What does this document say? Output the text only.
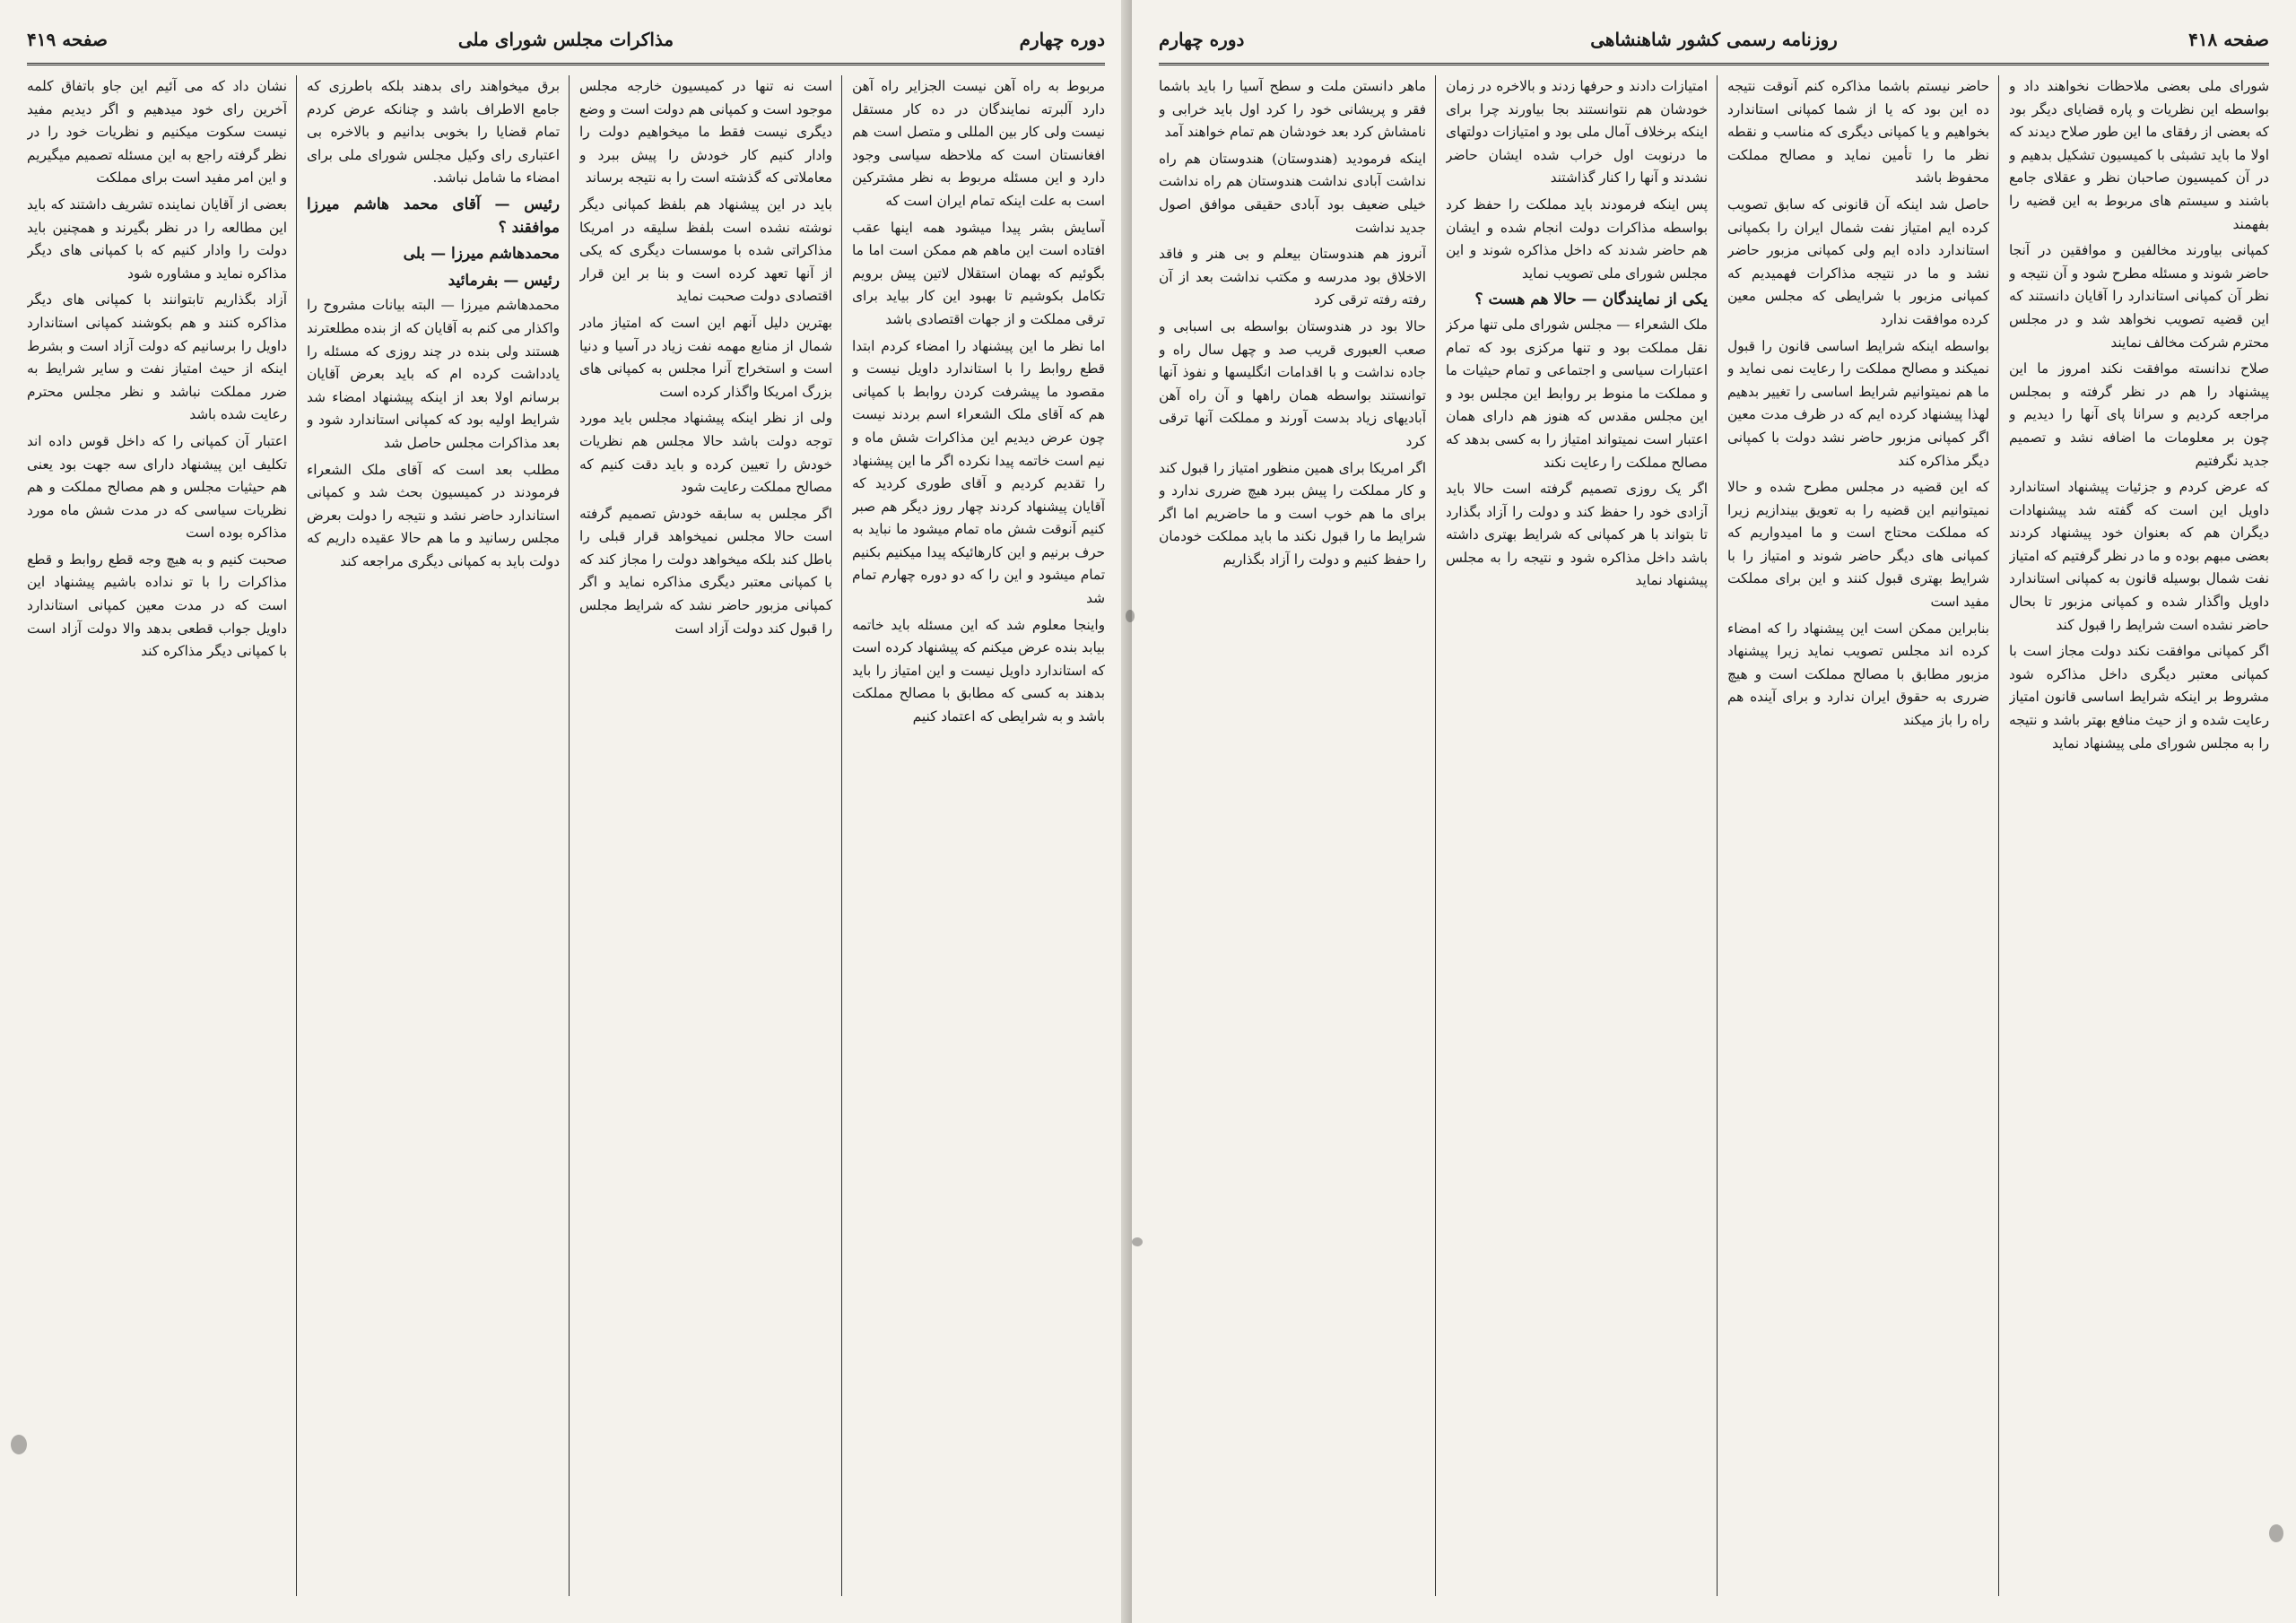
دوره چهارم
مذاکرات مجلس شورای ملی
صفحه ۴۱۹

مربوط به راه آهن نیست الجزایر راه آهن دارد آلبرته نمایندگان در ده کار مستقل نیست ولی کار بین المللی و متصل است هم افغانستان است که ملاحظه سیاسی وجود دارد و این مسئله مربوط به نظر مشترکین است به علت اینکه تمام ایران است که

آسایش بشر پیدا میشود همه اینها عقب افتاده است این ماهم هم ممکن است اما ما بگوئیم که بهمان استقلال لاتین پیش برویم تکامل بکوشیم تا بهبود این کار بیاید برای ترقی مملکت و از جهات اقتصادی باشد

اما نظر ما این پیشنهاد را امضاء کردم ابتدا قطع روابط را با استاندارد داویل نیست و مقصود ما پیشرفت کردن روابط با کمپانی هم که آقای ملک الشعراء اسم بردند نیست چون عرض دیدیم این مذاکرات شش ماه و نیم است خاتمه پیدا نکرده اگر ما این پیشنهاد را تقدیم کردیم و آقای طوری کردید که آقایان پیشنهاد کردند چهار روز دیگر هم صبر کنیم آنوقت شش ماه تمام میشود ما نباید به حرف برنیم و این کارهائیکه پیدا میکنیم بکنیم تمام میشود و این را که دو دوره چهارم تمام شد

واینجا معلوم شد که این مسئله باید خاتمه بیابد بنده عرض میکنم که پیشنهاد کرده است که استاندارد داویل نیست و این امتیاز را باید بدهند به کسی که مطابق با مصالح مملکت باشد و به شرایطی که اعتماد کنیم

است نه تنها در کمیسیون خارجه مجلس موجود است و کمپانی هم دولت است و وضع دیگری نیست فقط ما میخواهیم دولت را وادار کنیم کار خودش را پیش ببرد و معاملاتی که گذشته است را به نتیجه برساند

باید در این پیشنهاد هم بلفظ کمپانی دیگر نوشته نشده است بلفظ سلیقه در امریکا مذاکراتی شده با موسسات دیگری که یکی از آنها تعهد کرده است و بنا بر این قرار اقتصادی دولت صحبت نماید

بهترین دلیل آنهم این است که امتیاز مادر شمال از منابع مهمه نفت زیاد در آسیا و دنیا است و استخراج آنرا مجلس به کمپانی های بزرگ امریکا واگذار کرده است

ولی از نظر اینکه پیشنهاد مجلس باید مورد توجه دولت باشد حالا مجلس هم نظریات خودش را تعیین کرده و باید دقت کنیم که مصالح مملکت رعایت شود

اگر مجلس به سابقه خودش تصمیم گرفته است حالا مجلس نمیخواهد قرار قبلی را باطل کند بلکه میخواهد دولت را مجاز کند که با کمپانی معتبر دیگری مذاکره نماید و اگر کمپانی مزبور حاضر نشد که شرایط مجلس را قبول کند دولت آزاد است

برق میخواهند رای بدهند بلکه باطرزی که جامع الاطراف باشد و چنانکه عرض کردم تمام قضایا را بخوبی بدانیم و بالاخره بی اعتباری رای وکیل مجلس شورای ملی برای امضاء ما شامل نباشد.

رئیس — آقای محمد هاشم میرزا موافقند ؟
محمدهاشم میرزا — بلی
رئیس — بفرمائید

محمدهاشم میرزا — البته بیانات مشروح را واکذار می کنم به آقایان که از بنده مطلعترند هستند ولی بنده در چند روزی که مسئله را یادداشت کرده ام که باید بعرض آقایان برسانم اولا بعد از اینکه پیشنهاد امضاء شد شرایط اولیه بود که کمپانی استاندارد شود و بعد مذاکرات مجلس حاصل شد

مطلب بعد است که آقای ملک الشعراء فرمودند در کمیسیون بحث شد و کمپانی استاندارد حاضر نشد و نتیجه را دولت بعرض مجلس رسانید و ما هم حالا عقیده داریم که دولت باید به کمپانی دیگری مراجعه کند

نشان داد که می آئیم این جاو باتفاق کلمه آخرین رای خود میدهیم و اگر دیدیم مفید نیست سکوت میکنیم و نظریات خود را در نظر گرفته راجع به این مسئله تصمیم میگیریم و این امر مفید است برای مملکت

بعضی از آقایان نماینده تشریف داشتند که باید این مطالعه را در نظر بگیرند و همچنین باید دولت را وادار کنیم که با کمپانی های دیگر مذاکره نماید و مشاوره شود

آزاد بگذاریم تابتوانند با کمپانی های دیگر مذاکره کنند و هم بکوشند کمپانی استاندارد داویل را برسانیم که دولت آزاد است و بشرط اینکه از حیث امتیاز نفت و سایر شرایط به ضرر مملکت نباشد و نظر مجلس محترم رعایت شده باشد

اعتبار آن کمپانی را که داخل قوس داده اند تکلیف این پیشنهاد دارای سه جهت بود یعنی هم حیثیات مجلس و هم مصالح مملکت و هم نظریات سیاسی که در مدت شش ماه مورد مذاکره بوده است

صحبت کنیم و به هیچ وجه قطع روابط و قطع مذاکرات را با تو نداده باشیم پیشنهاد این است که در مدت معین کمپانی استاندارد داویل جواب قطعی بدهد والا دولت آزاد است با کمپانی دیگر مذاکره کند

صفحه ۴۱۸
روزنامه رسمی کشور شاهنشاهی
دوره چهارم

شورای ملی بعضی ملاحظات نخواهند داد و بواسطه این نظریات و پاره قضایای دیگر بود که بعضی از رفقای ما این طور صلاح دیدند که اولا ما باید تشبثی با کمیسیون تشکیل بدهیم و در آن کمیسیون صاحبان نظر و عقلای جامع باشند و سیستم های مربوط به این قضیه را بفهمند

کمپانی بیاورند مخالفین و موافقین در آنجا حاضر شوند و مسئله مطرح شود و آن نتیجه و نظر آن کمپانی استاندارد را آقایان دانستند که این قضیه تصویب نخواهد شد و در مجلس محترم شرکت مخالف نمایند

صلاح ندانسته موافقت نکند امروز ما این پیشنهاد را هم در نظر گرفته و بمجلس مراجعه کردیم و سرانا پای آنها را دیدیم و چون بر معلومات ما اضافه نشد و تصمیم جدید نگرفتیم

که عرض کردم و جزئیات پیشنهاد استاندارد داویل این است که گفته شد پیشنهادات دیگران هم که بعنوان خود پیشنهاد کردند بعضی مبهم بوده و ما در نظر گرفتیم که امتیاز نفت شمال بوسیله قانون به کمپانی استاندارد داویل واگذار شده و کمپانی مزبور تا بحال حاضر نشده است شرایط را قبول کند

اگر کمپانی موافقت نکند دولت مجاز است با کمپانی معتبر دیگری داخل مذاکره شود مشروط بر اینکه شرایط اساسی قانون امتیاز رعایت شده و از حیث منافع بهتر باشد و نتیجه را به مجلس شورای ملی پیشنهاد نماید

حاضر نیستم باشما مذاکره کنم آنوقت نتیجه ده این بود که یا از شما کمپانی استاندارد بخواهیم و یا کمپانی دیگری که مناسب و نقطه نظر ما را تأمین نماید و مصالح مملکت محفوظ باشد

حاصل شد اینکه آن قانونی که سابق تصویب کرده ایم امتیاز نفت شمال ایران را بکمپانی استاندارد داده ایم ولی کمپانی مزبور حاضر نشد و ما در نتیجه مذاکرات فهمیدیم که کمپانی مزبور با شرایطی که مجلس معین کرده موافقت ندارد

بواسطه اینکه شرایط اساسی قانون را قبول نمیکند و مصالح مملکت را رعایت نمی نماید و ما هم نمیتوانیم شرایط اساسی را تغییر بدهیم لهذا پیشنهاد کرده ایم که در ظرف مدت معین اگر کمپانی مزبور حاضر نشد دولت با کمپانی دیگر مذاکره کند

که این قضیه در مجلس مطرح شده و حالا نمیتوانیم این قضیه را به تعویق بیندازیم زیرا که مملکت محتاج است و ما امیدواریم که کمپانی های دیگر حاضر شوند و امتیاز را با شرایط بهتری قبول کنند و این برای مملکت مفید است

بنابراین ممکن است این پیشنهاد را که امضاء کرده اند مجلس تصویب نماید زیرا پیشنهاد مزبور مطابق با مصالح مملکت است و هیچ ضرری به حقوق ایران ندارد و برای آینده هم راه را باز میکند

امتیازات دادند و حرفها زدند و بالاخره در زمان خودشان هم نتوانستند بجا بیاورند چرا برای اینکه برخلاف آمال ملی بود و امتیازات دولتهای ما درنوبت اول خراب شده ایشان حاضر نشدند و آنها را کنار گذاشتند

پس اینکه فرمودند باید مملکت را حفظ کرد بواسطه مذاکرات دولت انجام شده و ایشان هم حاضر شدند که داخل مذاکره شوند و این مجلس شورای ملی تصویب نماید

یکی از نمایندگان — حالا هم هست ؟

ملک الشعراء — مجلس شورای ملی تنها مرکز نقل مملکت بود و تنها مرکزی بود که تمام اعتبارات سیاسی و اجتماعی و تمام حیثیات ما و مملکت ما منوط بر روابط این مجلس بود و این مجلس مقدس که هنوز هم دارای همان اعتبار است نمیتواند امتیاز را به کسی بدهد که مصالح مملکت را رعایت نکند

اگر یک روزی تصمیم گرفته است حالا باید آزادی خود را حفظ کند و دولت را آزاد بگذارد تا بتواند با هر کمپانی که شرایط بهتری داشته باشد داخل مذاکره شود و نتیجه را به مجلس پیشنهاد نماید

ماهر دانستن ملت و سطح آسیا را باید باشما فقر و پریشانی خود را کرد اول باید خرابی و نامشاش کرد بعد خودشان هم تمام خواهند آمد

اینکه فرمودید (هندوستان) هندوستان هم راه نداشت آبادی نداشت هندوستان هم راه نداشت خیلی ضعیف بود آبادی حقیقی موافق اصول جدید نداشت

آنروز هم هندوستان بیعلم و بی هنر و فاقد الاخلاق بود مدرسه و مکتب نداشت بعد از آن رفته رفته ترقی کرد

حالا بود در هندوستان بواسطه بی اسبابی و صعب العبوری قریب صد و چهل سال راه و جاده نداشت و با اقدامات انگلیسها و نفوذ آنها توانستند بواسطه همان راهها و آن راه آهن آبادیهای زیاد بدست آورند و مملکت آنها ترقی کرد

اگر امریکا برای همین منظور امتیاز را قبول کند و کار مملکت را پیش ببرد هیچ ضرری ندارد و برای ما هم خوب است و ما حاضریم اما اگر شرایط ما را قبول نکند ما باید مملکت خودمان را حفظ کنیم و دولت را آزاد بگذاریم
